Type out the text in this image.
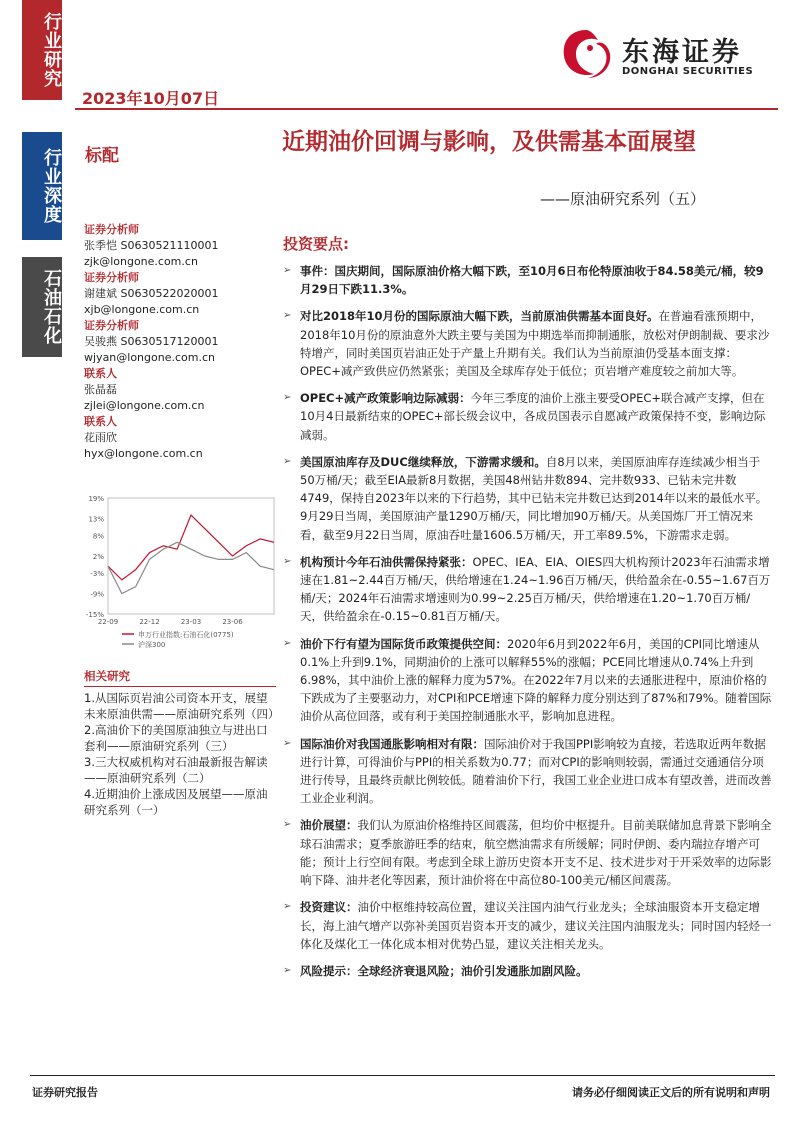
行业研究
行业深度
石油石化
2023年10月07日
东海证券
DONGHAI SECURITIES
标配
近期油价回调与影响，及供需基本面展望
——原油研究系列（五）
证券分析师
张季恺 S0630521110001
zjk@longone.com.cn
证券分析师
谢建斌 S0630522020001
xjb@longone.com.cn
证券分析师
吴骏燕 S0630517120001
wjyan@longone.com.cn
联系人
张晶磊
zjlei@longone.com.cn
联系人
花雨欣
hyx@longone.com.cn
19%
13%
8%
2%
-3%
-9%
-15%
22-09	22-12	23-03	23-06
申万行业指数:石油石化(0775)
沪深300
相关研究
1.从国际页岩油公司资本开支，展望未来原油供需——原油研究系列（四）
2.高油价下的美国原油独立与进出口套利——原油研究系列（三）
3.三大权威机构对石油最新报告解读——原油研究系列（二）
4.近期油价上涨成因及展望——原油研究系列（一）
投资要点:
➢ 事件：国庆期间，国际原油价格大幅下跌，至10月6日布伦特原油收于84.58美元/桶，较9月29日下跌11.3%。
➢ 对比2018年10月份的国际原油大幅下跌，当前原油供需基本面良好。在普遍看涨预期中，2018年10月份的原油意外大跌主要与美国为中期选举而抑制通胀，放松对伊朗制裁、要求沙特增产，同时美国页岩油正处于产量上升期有关。我们认为当前原油仍受基本面支撑：OPEC+减产致供应仍然紧张；美国及全球库存处于低位；页岩增产难度较之前加大等。
➢ OPEC+减产政策影响边际减弱：今年三季度的油价上涨主要受OPEC+联合减产支撑，但在10月4日最新结束的OPEC+部长级会议中，各成员国表示自愿减产政策保持不变，影响边际减弱。
➢ 美国原油库存及DUC继续释放，下游需求缓和。自8月以来，美国原油库存连续减少相当于50万桶/天；截至EIA最新8月数据，美国48州钻井数894、完井数933、已钻未完井数4749，保持自2023年以来的下行趋势，其中已钻未完井数已达到2014年以来的最低水平。9月29日当周，美国原油产量1290万桶/天，同比增加90万桶/天。从美国炼厂开工情况来看，截至9月22日当周，原油吞吐量1606.5万桶/天，开工率89.5%，下游需求走弱。
➢ 机构预计今年石油供需保持紧张：OPEC、IEA、EIA、OIES四大机构预计2023年石油需求增速在1.81~2.44百万桶/天，供给增速在1.24~1.96百万桶/天，供给盈余在-0.55~1.67百万桶/天；2024年石油需求增速则为0.99~2.25百万桶/天，供给增速在1.20~1.70百万桶/天，供给盈余在-0.15~0.81百万桶/天。
➢ 油价下行有望为国际货币政策提供空间：2020年6月到2022年6月，美国的CPI同比增速从0.1%上升到9.1%，同期油价的上涨可以解释55%的涨幅；PCE同比增速从0.74%上升到6.98%，其中油价上涨的解释力度为57%。在2022年7月以来的去通胀进程中，原油价格的下跌成为了主要驱动力，对CPI和PCE增速下降的解释力度分别达到了87%和79%。随着国际油价从高位回落，或有利于美国控制通胀水平，影响加息进程。
➢ 国际油价对我国通胀影响相对有限：国际油价对于我国PPI影响较为直接，若选取近两年数据进行计算，可得油价与PPI的相关系数为0.77；而对CPI的影响则较弱，需通过交通通信分项进行传导，且最终贡献比例较低。随着油价下行，我国工业企业进口成本有望改善，进而改善工业企业利润。
➢ 油价展望：我们认为原油价格维持区间震荡，但均价中枢提升。目前美联储加息背景下影响全球石油需求；夏季旅游旺季的结束，航空燃油需求有所缓解；同时伊朗、委内瑞拉存增产可能；预计上行空间有限。考虑到全球上游历史资本开支不足、技术进步对于开采效率的边际影响下降、油井老化等因素，预计油价将在中高位80-100美元/桶区间震荡。
➢ 投资建议：油价中枢维持较高位置，建议关注国内油气行业龙头；全球油服资本开支稳定增长，海上油气增产以弥补美国页岩资本开支的减少，建议关注国内油服龙头；同时国内轻烃一体化及煤化工一体化成本相对优势凸显，建议关注相关龙头。
➢ 风险提示：全球经济衰退风险；油价引发通胀加剧风险。
证券研究报告	请务必仔细阅读正文后的所有说明和声明
